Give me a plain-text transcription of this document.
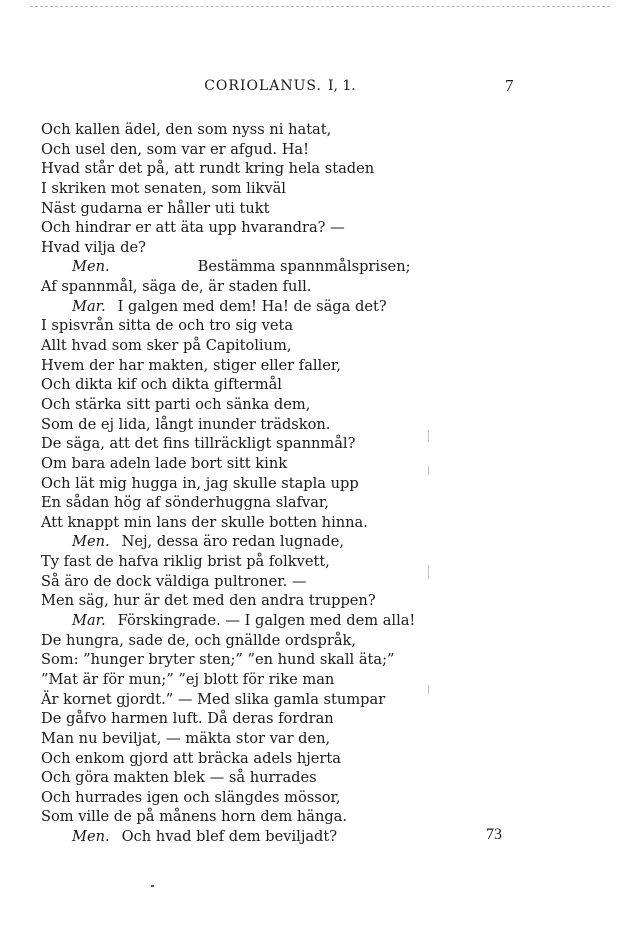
CORIOLANUS. I, 1.	7
Och kallen ädel, den som nyss ni hatat,
Och usel den, som var er afgud. Ha!
Hvad står det på, att rundt kring hela staden
I skriken mot senaten, som likväl
Näst gudarna er håller uti tukt
Och hindrar er att äta upp hvarandra? —
Hvad vilja de?
Men.	Bestämma spannmålsprisen;
Af spannmål, säga de, är staden full.
Mar. I galgen med dem! Ha! de säga det?
I spisvrån sitta de och tro sig veta
Allt hvad som sker på Capitolium,
Hvem der har makten, stiger eller faller,
Och dikta kif och dikta giftermål
Och stärka sitt parti och sänka dem,
Som de ej lida, långt inunder trädskon.
De säga, att det fins tillräckligt spannmål?
Om bara adeln lade bort sitt kink
Och lät mig hugga in, jag skulle stapla upp
En sådan hög af sönderhuggna slafvar,
Att knappt min lans der skulle botten hinna.
Men. Nej, dessa äro redan lugnade,
Ty fast de hafva riklig brist på folkvett,
Så äro de dock väldiga pultroner. —
Men säg, hur är det med den andra truppen?
Mar. Förskingrade. — I galgen med dem alla!
De hungra, sade de, och gnällde ordspråk,
Som: ”hunger bryter sten;” ”en hund skall äta;”
”Mat är för mun;” ”ej blott för rike man
Är kornet gjordt.” — Med slika gamla stumpar
De gåfvo harmen luft. Då deras fordran
Man nu beviljat, — mäkta stor var den,
Och enkom gjord att bräcka adels hjerta
Och göra makten blek — så hurrades
Och hurrades igen och slängdes mössor,
Som ville de på månens horn dem hänga.
Men. Och hvad blef dem beviljadt?	73
